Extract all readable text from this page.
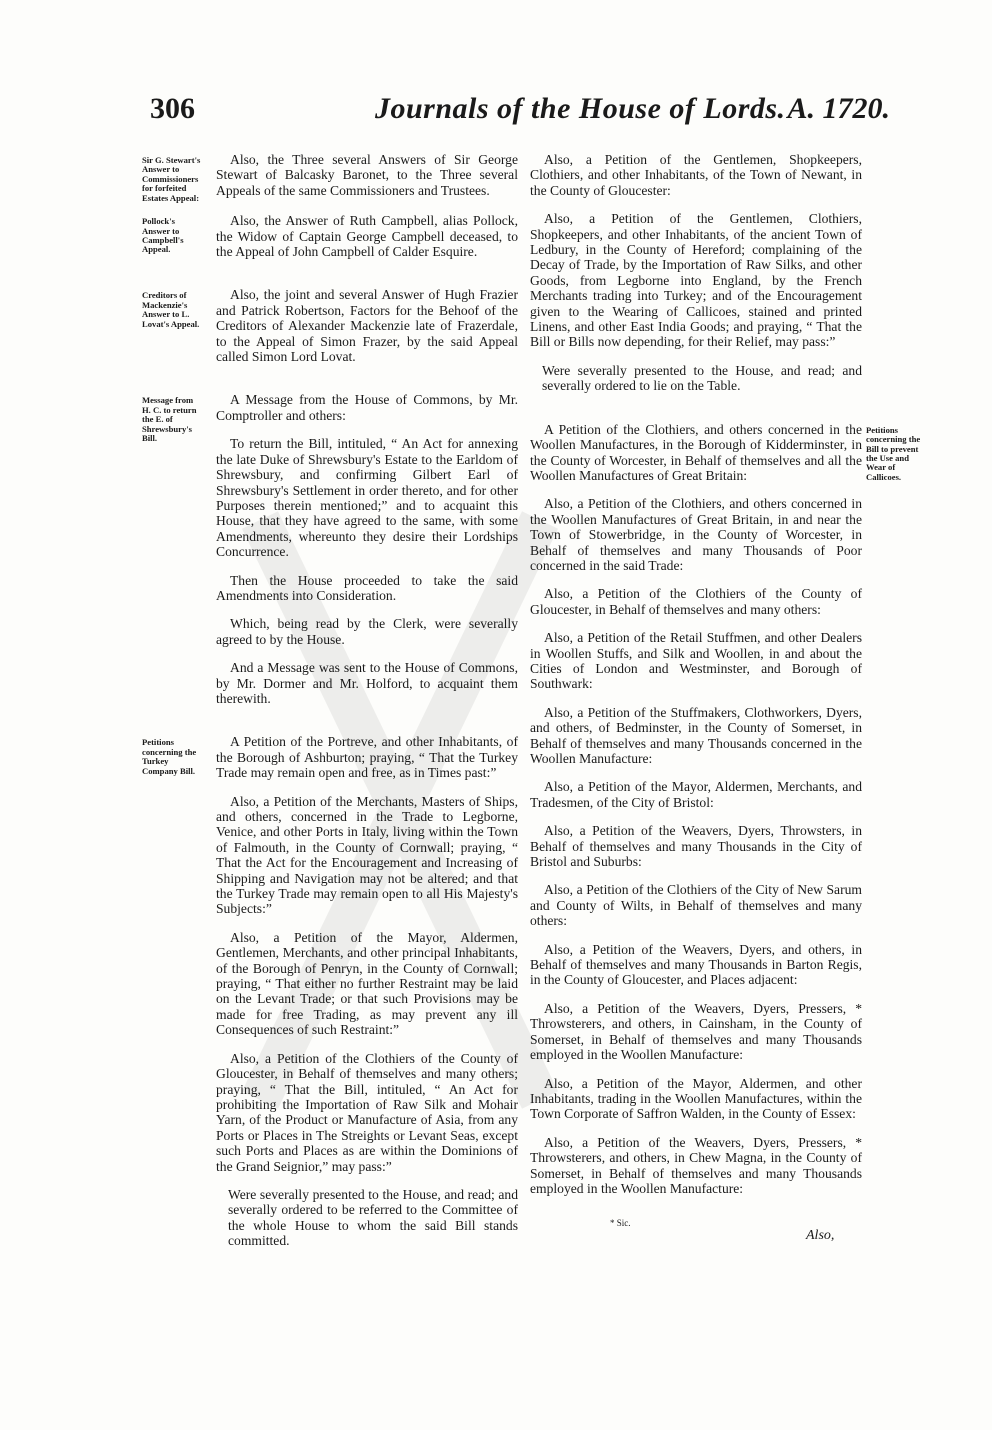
306	Journals of the House of Lords. A. 1720.
Sir G. Stewart's Answer to Commissioners for forfeited Estates Appeal:

Also, the Three several Answers of Sir George Stewart of Balcasky Baronet, to the Three several Appeals of the same Commissioners and Trustees.

Pollock's Answer to Campbell's Appeal.

Also, the Answer of Ruth Campbell, alias Pollock, the Widow of Captain George Campbell deceased, to the Appeal of John Campbell of Calder Esquire.

Creditors of Mackenzie's Answer to L. Lovat's Appeal.

Also, the joint and several Answer of Hugh Frazier and Patrick Robertson, Factors for the Behoof of the Creditors of Alexander Mackenzie late of Frazerdale, to the Appeal of Simon Frazer, by the said Appeal called Simon Lord Lovat.

Message from H. C. to return the E. of Shrewsbury's Bill.

A Message from the House of Commons, by Mr. Comptroller and others:

To return the Bill, intituled, “ An Act for annexing the late Duke of Shrewsbury's Estate to the Earldom of Shrewsbury, and confirming Gilbert Earl of Shrewsbury's Settlement in order thereto, and for other Purposes therein mentioned;” and to acquaint this House, that they have agreed to the same, with some Amendments, whereunto they desire their Lordships Concurrence.

Then the House proceeded to take the said Amendments into Consideration.

Which, being read by the Clerk, were severally agreed to by the House.

And a Message was sent to the House of Commons, by Mr. Dormer and Mr. Holford, to acquaint them therewith.

Petitions concerning the Turkey Company Bill.

A Petition of the Portreve, and other Inhabitants, of the Borough of Ashburton; praying, “ That the Turkey Trade may remain open and free, as in Times past:”

Also, a Petition of the Merchants, Masters of Ships, and others, concerned in the Trade to Legborne, Venice, and other Ports in Italy, living within the Town of Falmouth, in the County of Cornwall; praying, “ That the Act for the Encouragement and Increasing of Shipping and Navigation may not be altered; and that the Turkey Trade may remain open to all His Majesty's Subjects:”

Also, a Petition of the Mayor, Aldermen, Gentlemen, Merchants, and other principal Inhabitants, of the Borough of Penryn, in the County of Cornwall; praying, “ That either no further Restraint may be laid on the Levant Trade; or that such Provisions may be made for free Trading, as may prevent any ill Consequences of such Restraint:”

Also, a Petition of the Clothiers of the County of Gloucester, in Behalf of themselves and many others; praying, “ That the Bill, intituled, “ An Act for prohibiting the Importation of Raw Silk and Mohair Yarn, of the Product or Manufacture of Asia, from any Ports or Places in The Streights or Levant Seas, except such Ports and Places as are within the Dominions of the Grand Seignior,” may pass:”

Were severally presented to the House, and read; and severally ordered to be referred to the Committee of the whole House to whom the said Bill stands committed.

Also, a Petition of the Gentlemen, Shopkeepers, Clothiers, and other Inhabitants, of the Town of Newant, in the County of Gloucester:

Also, a Petition of the Gentlemen, Clothiers, Shopkeepers, and other Inhabitants, of the ancient Town of Ledbury, in the County of Hereford; complaining of the Decay of Trade, by the Importation of Raw Silks, and other Goods, from Legborne into England, by the French Merchants trading into Turkey; and of the Encouragement given to the Wearing of Callicoes, stained and printed Linens, and other East India Goods; and praying, “ That the Bill or Bills now depending, for their Relief, may pass:”

Were severally presented to the House, and read; and severally ordered to lie on the Table.

Petitions concerning the Bill to prevent the Use and Wear of Callicoes.

A Petition of the Clothiers, and others concerned in the Woollen Manufactures, in the Borough of Kidderminster, in the County of Worcester, in Behalf of themselves and all the Woollen Manufactures of Great Britain:

Also, a Petition of the Clothiers, and others concerned in the Woollen Manufactures of Great Britain, in and near the Town of Stowerbridge, in the County of Worcester, in Behalf of themselves and many Thousands of Poor concerned in the said Trade:

Also, a Petition of the Clothiers of the County of Gloucester, in Behalf of themselves and many others:

Also, a Petition of the Retail Stuffmen, and other Dealers in Woollen Stuffs, and Silk and Woollen, in and about the Cities of London and Westminster, and Borough of Southwark:

Also, a Petition of the Stuffmakers, Clothworkers, Dyers, and others, of Bedminster, in the County of Somerset, in Behalf of themselves and many Thousands concerned in the Woollen Manufacture:

Also, a Petition of the Mayor, Aldermen, Merchants, and Tradesmen, of the City of Bristol:

Also, a Petition of the Weavers, Dyers, Throwsters, in Behalf of themselves and many Thousands in the City of Bristol and Suburbs:

Also, a Petition of the Clothiers of the City of New Sarum and County of Wilts, in Behalf of themselves and many others:

Also, a Petition of the Weavers, Dyers, and others, in Behalf of themselves and many Thousands in Barton Regis, in the County of Gloucester, and Places adjacent:

Also, a Petition of the Weavers, Dyers, Pressers, * Throwsterers, and others, in Cainsham, in the County of Somerset, in Behalf of themselves and many Thousands employed in the Woollen Manufacture:

Also, a Petition of the Mayor, Aldermen, and other Inhabitants, trading in the Woollen Manufactures, within the Town Corporate of Saffron Walden, in the County of Essex:

Also, a Petition of the Weavers, Dyers, Pressers, * Throwsterers, and others, in Chew Magna, in the County of Somerset, in Behalf of themselves and many Thousands employed in the Woollen Manufacture:

* Sic.
Also,
